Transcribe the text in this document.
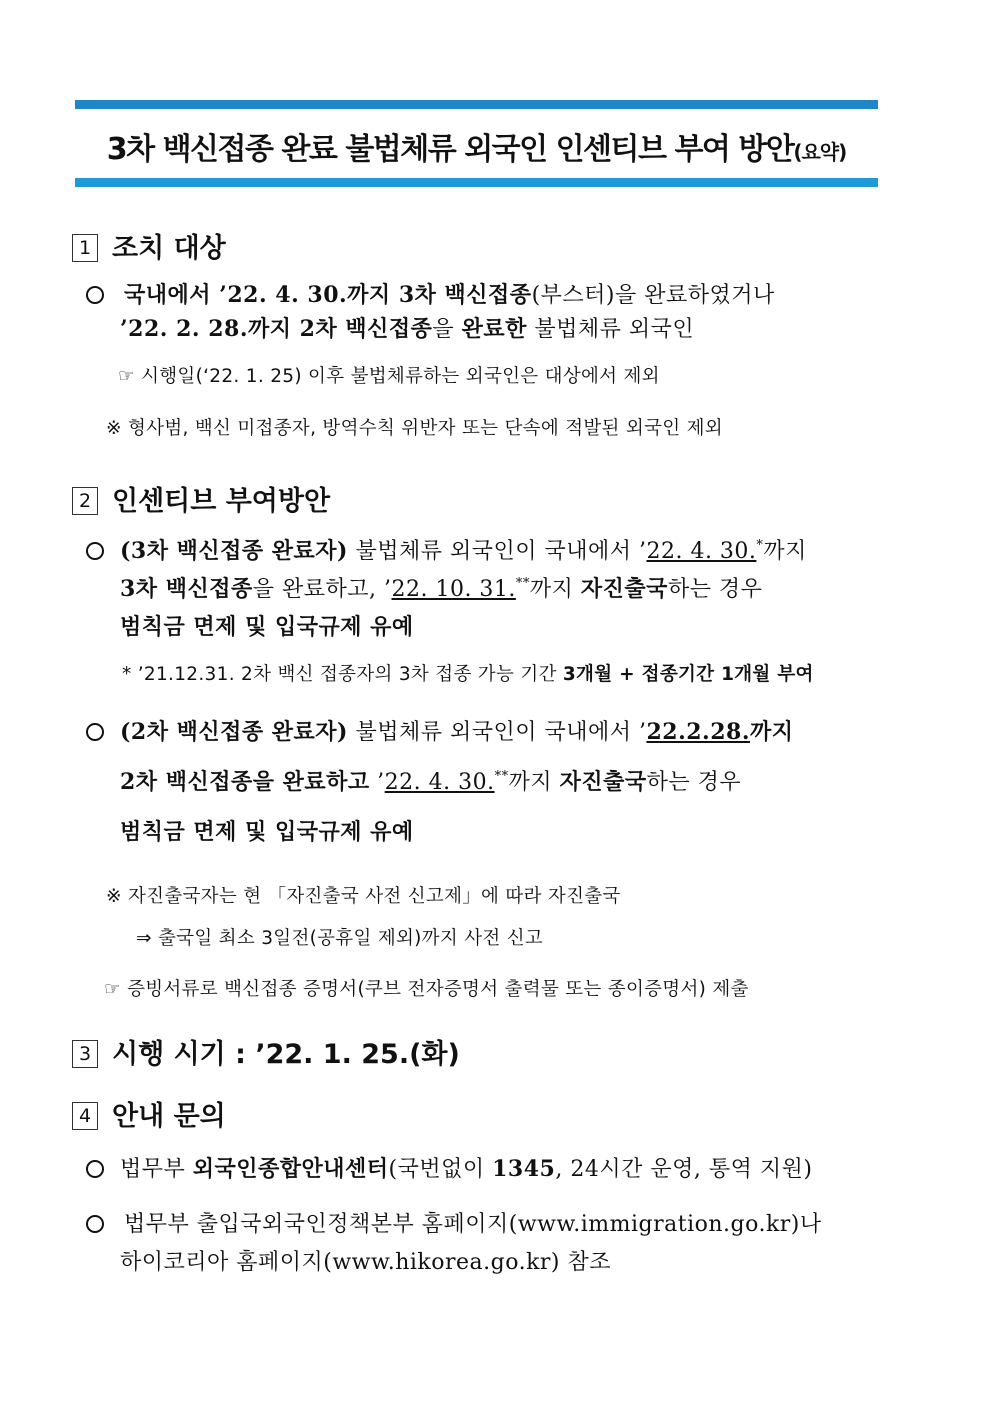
3차 백신접종 완료 불법체류 외국인 인센티브 부여 방안(요약)
1 조치 대상
국내에서 ’22. 4. 30.까지 3차 백신접종(부스터)을 완료하였거나
’22. 2. 28.까지 2차 백신접종을 완료한 불법체류 외국인
☞ 시행일(‘22. 1. 25) 이후 불법체류하는 외국인은 대상에서 제외
※ 형사범, 백신 미접종자, 방역수칙 위반자 또는 단속에 적발된 외국인 제외
2 인센티브 부여방안
(3차 백신접종 완료자) 불법체류 외국인이 국내에서 ’22. 4. 30.*까지
3차 백신접종을 완료하고, ’22. 10. 31.**까지 자진출국하는 경우
범칙금 면제 및 입국규제 유예
* ’21.12.31. 2차 백신 접종자의 3차 접종 가능 기간 3개월 + 접종기간 1개월 부여
(2차 백신접종 완료자) 불법체류 외국인이 국내에서 ’22.2.28.까지
2차 백신접종을 완료하고 ’22. 4. 30.**까지 자진출국하는 경우
범칙금 면제 및 입국규제 유예
※ 자진출국자는 현 「자진출국 사전 신고제」에 따라 자진출국
⇒ 출국일 최소 3일전(공휴일 제외)까지 사전 신고
☞ 증빙서류로 백신접종 증명서(쿠브 전자증명서 출력물 또는 종이증명서) 제출
3 시행 시기 : ’22. 1. 25.(화)
4 안내 문의
법무부 외국인종합안내센터(국번없이 1345, 24시간 운영, 통역 지원)
법무부 출입국외국인정책본부 홈페이지(www.immigration.go.kr)나
하이코리아 홈페이지(www.hikorea.go.kr) 참조
